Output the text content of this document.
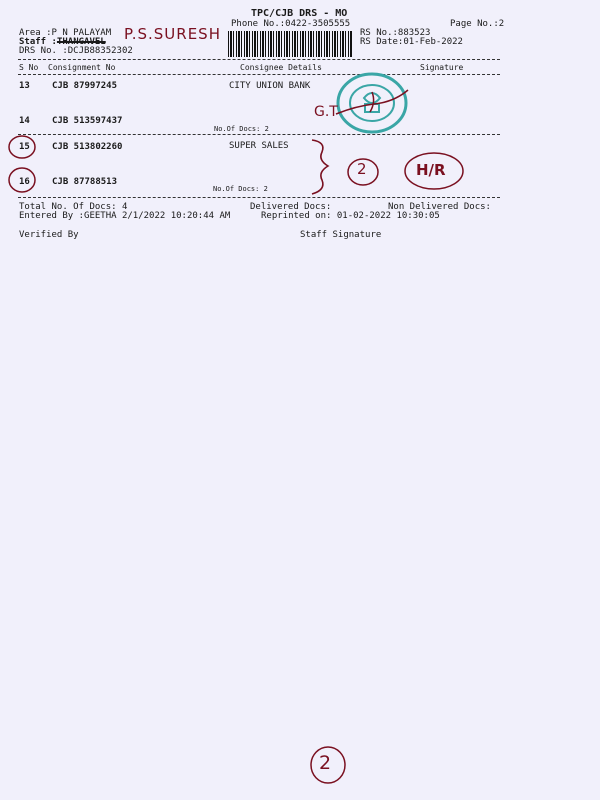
TPC/CJB DRS - MO
Phone No.:0422-3505555	Page No.:2
Area :P N PALAYAM
Staff :THANGAVEL P.S.SURESH
DRS No. :DCJB88352302
RS No.:883523
RS Date:01-Feb-2022
S No Consignment No	Consignee Details	Signature
13 CJB 87997245	CITY UNION BANK
14 CJB 513597437
No.Of Docs: 2
15 CJB 513802260	SUPER SALES
16 CJB 87788513
No.Of Docs: 2
G.T
2	H/R
Total No. Of Docs: 4	Delivered Docs:	Non Delivered Docs:
Entered By :GEETHA 2/1/2022 10:20:44 AM	Reprinted on: 01-02-2022 10:30:05
Verified By	Staff Signature
2
